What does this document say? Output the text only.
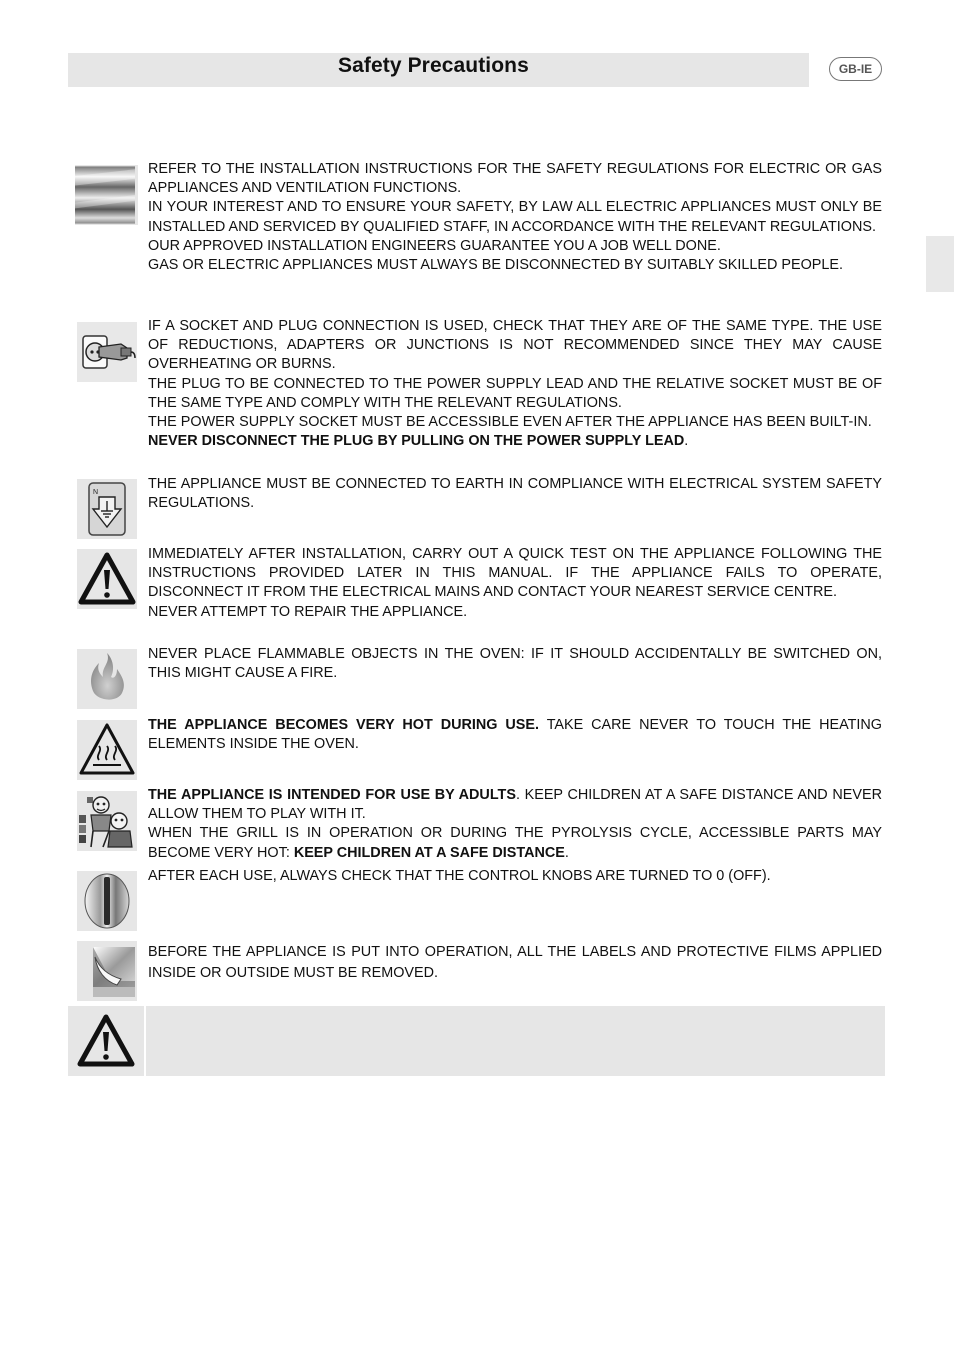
Safety Precautions	GB-IE

REFER TO THE INSTALLATION INSTRUCTIONS FOR THE SAFETY REGULATIONS FOR ELECTRIC OR GAS APPLIANCES AND VENTILATION FUNCTIONS.

IN YOUR INTEREST AND TO ENSURE YOUR SAFETY, BY LAW ALL ELECTRIC APPLIANCES MUST ONLY BE INSTALLED AND SERVICED BY QUALIFIED STAFF, IN ACCORDANCE WITH THE RELEVANT REGULATIONS.

OUR APPROVED INSTALLATION ENGINEERS GUARANTEE YOU A JOB WELL DONE.

GAS OR ELECTRIC APPLIANCES MUST ALWAYS BE DISCONNECTED BY SUITABLY SKILLED PEOPLE.

IF A SOCKET AND PLUG CONNECTION IS USED, CHECK THAT THEY ARE OF THE SAME TYPE. THE USE OF REDUCTIONS, ADAPTERS OR JUNCTIONS IS NOT RECOMMENDED SINCE THEY MAY CAUSE OVERHEATING OR BURNS.

THE PLUG TO BE CONNECTED TO THE POWER SUPPLY LEAD AND THE RELATIVE SOCKET MUST BE OF THE SAME TYPE AND COMPLY WITH THE RELEVANT REGULATIONS.

THE POWER SUPPLY SOCKET MUST BE ACCESSIBLE EVEN AFTER THE APPLIANCE HAS BEEN BUILT-IN.

NEVER DISCONNECT THE PLUG BY PULLING ON THE POWER SUPPLY LEAD.

N

THE APPLIANCE MUST BE CONNECTED TO EARTH IN COMPLIANCE WITH ELECTRICAL SYSTEM SAFETY REGULATIONS.

IMMEDIATELY AFTER INSTALLATION, CARRY OUT A QUICK TEST ON THE APPLIANCE FOLLOWING THE INSTRUCTIONS PROVIDED LATER IN THIS MANUAL. IF THE APPLIANCE FAILS TO OPERATE, DISCONNECT IT FROM THE ELECTRICAL MAINS AND CONTACT YOUR NEAREST SERVICE CENTRE.

NEVER ATTEMPT TO REPAIR THE APPLIANCE.

NEVER PLACE FLAMMABLE OBJECTS IN THE OVEN: IF IT SHOULD ACCIDENTALLY BE SWITCHED ON, THIS MIGHT CAUSE A FIRE.

THE APPLIANCE BECOMES VERY HOT DURING USE. TAKE CARE NEVER TO TOUCH THE HEATING ELEMENTS INSIDE THE OVEN.

THE APPLIANCE IS INTENDED FOR USE BY ADULTS. KEEP CHILDREN AT A SAFE DISTANCE AND NEVER ALLOW THEM TO PLAY WITH IT.

WHEN THE GRILL IS IN OPERATION OR DURING THE PYROLYSIS CYCLE, ACCESSIBLE PARTS MAY BECOME VERY HOT: KEEP CHILDREN AT A SAFE DISTANCE.

AFTER EACH USE, ALWAYS CHECK THAT THE CONTROL KNOBS ARE TURNED TO 0 (OFF).

BEFORE THE APPLIANCE IS PUT INTO OPERATION, ALL THE LABELS AND PROTECTIVE FILMS APPLIED INSIDE OR OUTSIDE MUST BE REMOVED.
